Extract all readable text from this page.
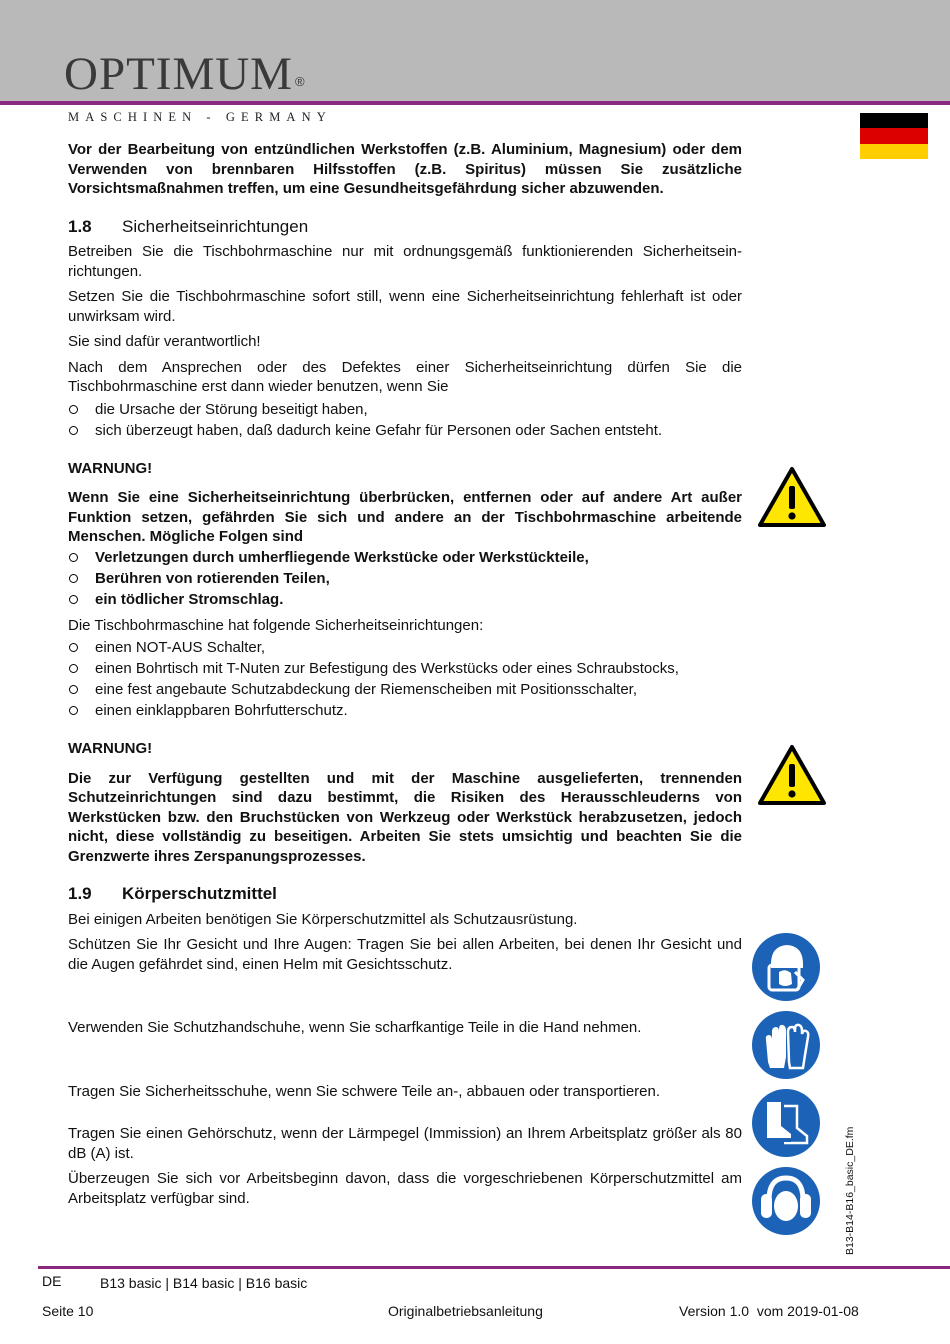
OPTIMUM ®
MASCHINEN - GERMANY

Vor der Bearbeitung von entzündlichen Werkstoffen (z.B. Aluminium, Magnesium) oder dem Verwenden von brennbaren Hilfsstoffen (z.B. Spiritus) müssen Sie zusätzliche Vorsichtsmaßnahmen treffen, um eine Gesundheitsgefährdung sicher abzuwenden.

1.8	Sicherheitseinrichtungen

Betreiben Sie die Tischbohrmaschine nur mit ordnungsgemäß funktionierenden Sicherheitsein-richtungen.

Setzen Sie die Tischbohrmaschine sofort still, wenn eine Sicherheitseinrichtung fehlerhaft ist oder unwirksam wird.

Sie sind dafür verantwortlich!

Nach dem Ansprechen oder des Defektes einer Sicherheitseinrichtung dürfen Sie die Tischbohrmaschine erst dann wieder benutzen, wenn Sie

die Ursache der Störung beseitigt haben,
sich überzeugt haben, daß dadurch keine Gefahr für Personen oder Sachen entsteht.
WARNUNG!

Wenn Sie eine Sicherheitseinrichtung überbrücken, entfernen oder auf andere Art außer Funktion setzen, gefährden Sie sich und andere an der Tischbohrmaschine arbeitende Menschen. Mögliche Folgen sind

Verletzungen durch umherfliegende Werkstücke oder Werkstückteile,
Berühren von rotierenden Teilen,
ein tödlicher Stromschlag.

Die Tischbohrmaschine hat folgende Sicherheitseinrichtungen:

einen NOT-AUS Schalter,
einen Bohrtisch mit T-Nuten zur Befestigung des Werkstücks oder eines Schraubstocks,
eine fest angebaute Schutzabdeckung der Riemenscheiben mit Positionsschalter,
einen einklappbaren Bohrfutterschutz.
WARNUNG!

Die zur Verfügung gestellten und mit der Maschine ausgelieferten, trennenden Schutzeinrichtungen sind dazu bestimmt, die Risiken des Herausschleuderns von Werkstücken bzw. den Bruchstücken von Werkzeug oder Werkstück herabzusetzen, jedoch nicht, diese vollständig zu beseitigen. Arbeiten Sie stets umsichtig und beachten Sie die Grenzwerte ihres Zerspanungsprozesses.

1.9	Körperschutzmittel

Bei einigen Arbeiten benötigen Sie Körperschutzmittel als Schutzausrüstung.

Schützen Sie Ihr Gesicht und Ihre Augen: Tragen Sie bei allen Arbeiten, bei denen Ihr Gesicht und die Augen gefährdet sind, einen Helm mit Gesichtsschutz.

Verwenden Sie Schutzhandschuhe, wenn Sie scharfkantige Teile in die Hand nehmen.

Tragen Sie Sicherheitsschuhe, wenn Sie schwere Teile an-, abbauen oder transportieren.

Tragen Sie einen Gehörschutz, wenn der Lärmpegel (Immission) an Ihrem Arbeitsplatz größer als 80 dB (A) ist.

Überzeugen Sie sich vor Arbeitsbeginn davon, dass die vorgeschriebenen Körperschutzmittel am Arbeitsplatz verfügbar sind.	B13-B14-B16_basic_DE.fm
DE	B13 basic | B14 basic | B16 basic
Seite 10	Originalbetriebsanleitung	Version 1.0  vom 2019-01-08
